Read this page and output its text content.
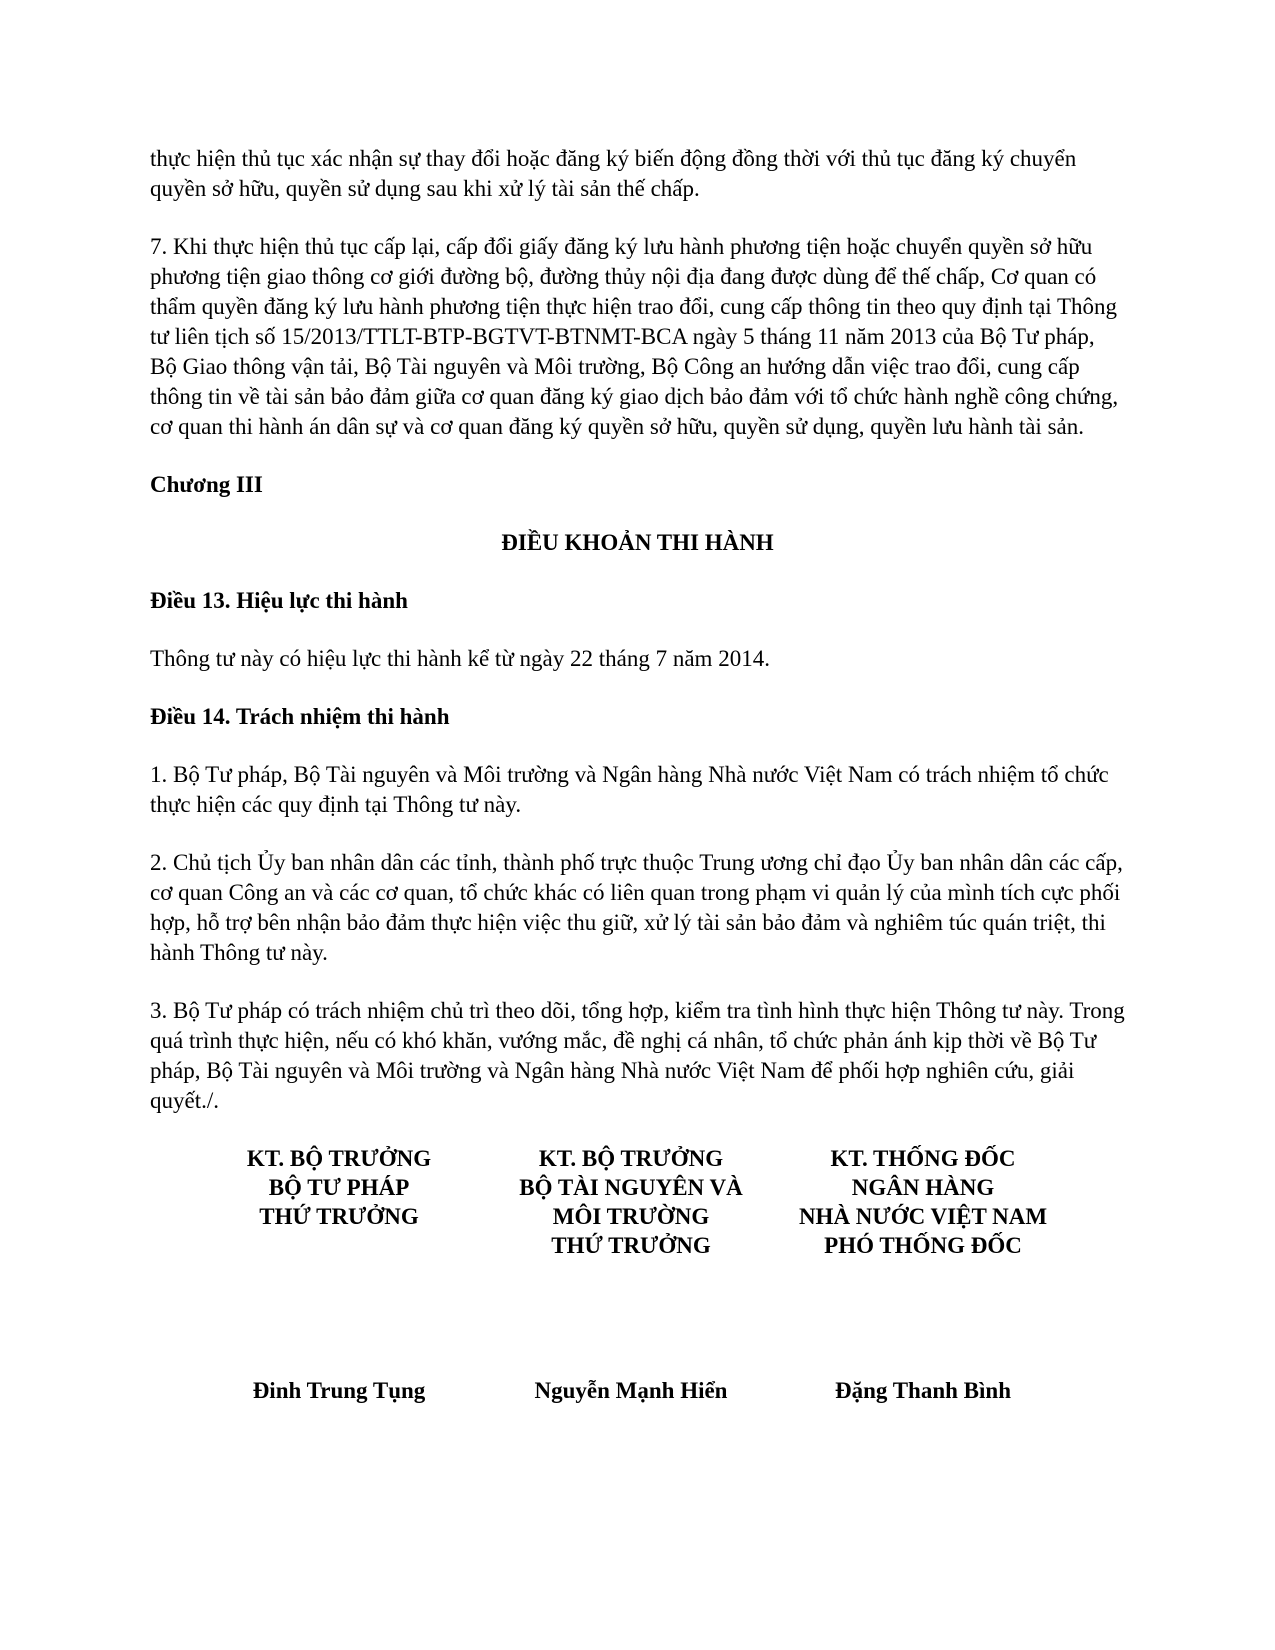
thực hiện thủ tục xác nhận sự thay đổi hoặc đăng ký biến động đồng thời với thủ tục đăng ký chuyển quyền sở hữu, quyền sử dụng sau khi xử lý tài sản thế chấp.

7. Khi thực hiện thủ tục cấp lại, cấp đổi giấy đăng ký lưu hành phương tiện hoặc chuyển quyền sở hữu phương tiện giao thông cơ giới đường bộ, đường thủy nội địa đang được dùng để thế chấp, Cơ quan có thẩm quyền đăng ký lưu hành phương tiện thực hiện trao đổi, cung cấp thông tin theo quy định tại Thông tư liên tịch số 15/2013/TTLT-BTP-BGTVT-BTNMT-BCA ngày 5 tháng 11 năm 2013 của Bộ Tư pháp, Bộ Giao thông vận tải, Bộ Tài nguyên và Môi trường, Bộ Công an hướng dẫn việc trao đổi, cung cấp thông tin về tài sản bảo đảm giữa cơ quan đăng ký giao dịch bảo đảm với tổ chức hành nghề công chứng, cơ quan thi hành án dân sự và cơ quan đăng ký quyền sở hữu, quyền sử dụng, quyền lưu hành tài sản.

Chương III

ĐIỀU KHOẢN THI HÀNH

Điều 13. Hiệu lực thi hành

Thông tư này có hiệu lực thi hành kể từ ngày 22 tháng 7 năm 2014.

Điều 14. Trách nhiệm thi hành

1. Bộ Tư pháp, Bộ Tài nguyên và Môi trường và Ngân hàng Nhà nước Việt Nam có trách nhiệm tổ chức thực hiện các quy định tại Thông tư này.

2. Chủ tịch Ủy ban nhân dân các tỉnh, thành phố trực thuộc Trung ương chỉ đạo Ủy ban nhân dân các cấp, cơ quan Công an và các cơ quan, tổ chức khác có liên quan trong phạm vi quản lý của mình tích cực phối hợp, hỗ trợ bên nhận bảo đảm thực hiện việc thu giữ, xử lý tài sản bảo đảm và nghiêm túc quán triệt, thi hành Thông tư này.

3. Bộ Tư pháp có trách nhiệm chủ trì theo dõi, tổng hợp, kiểm tra tình hình thực hiện Thông tư này. Trong quá trình thực hiện, nếu có khó khăn, vướng mắc, đề nghị cá nhân, tổ chức phản ánh kịp thời về Bộ Tư pháp, Bộ Tài nguyên và Môi trường và Ngân hàng Nhà nước Việt Nam để phối hợp nghiên cứu, giải quyết./.

KT. BỘ TRƯỞNG
BỘ TƯ PHÁP
THỨ TRƯỞNG
Đinh Trung Tụng
KT. BỘ TRƯỞNG
BỘ TÀI NGUYÊN VÀ
MÔI TRƯỜNG
THỨ TRƯỞNG
Nguyễn Mạnh Hiển
KT. THỐNG ĐỐC
NGÂN HÀNG
NHÀ NƯỚC VIỆT NAM
PHÓ THỐNG ĐỐC
Đặng Thanh Bình
